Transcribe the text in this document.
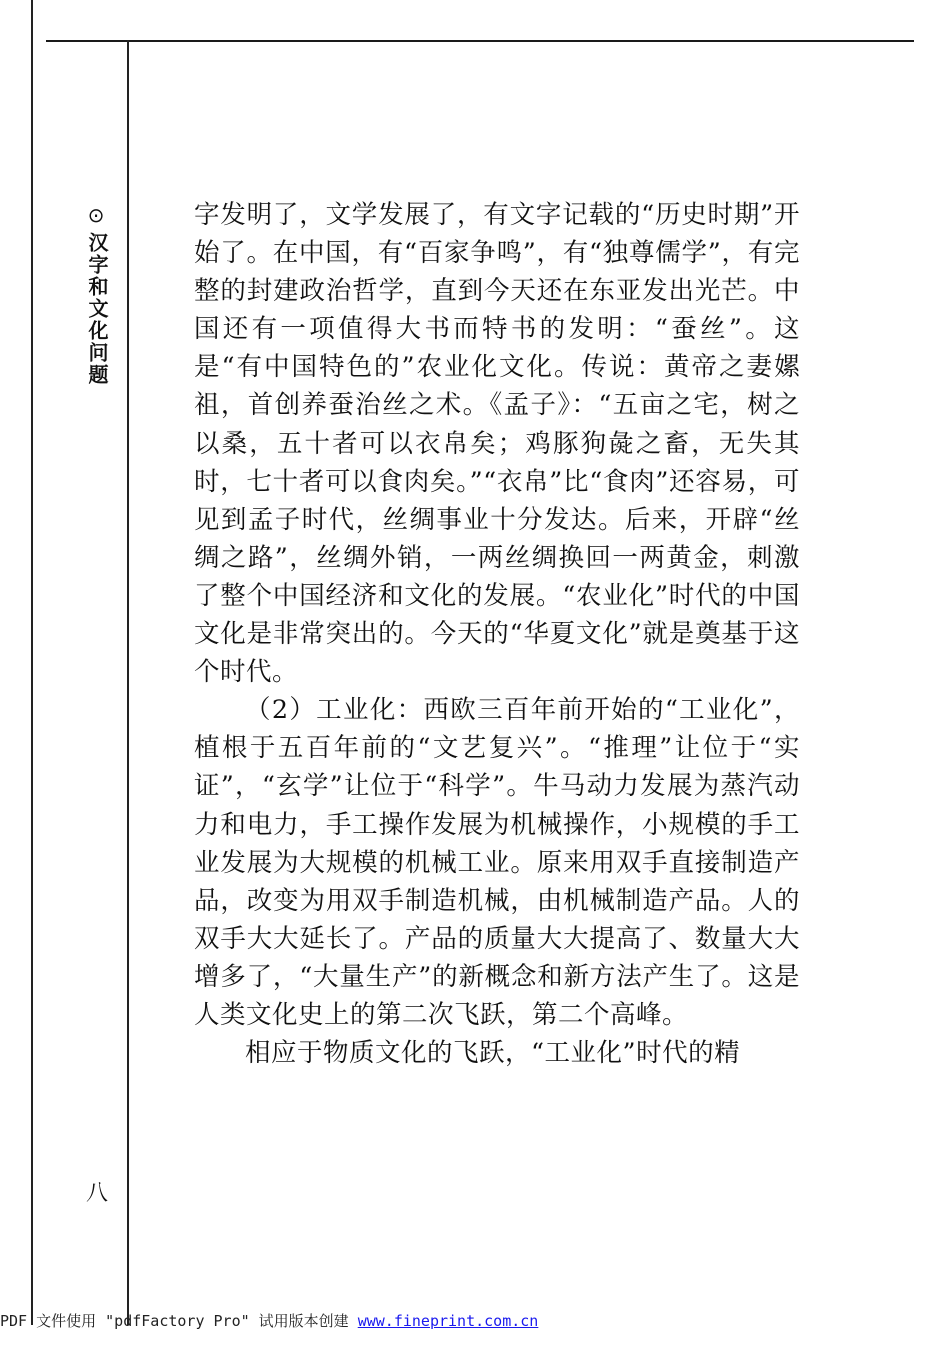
⊙
汉字和文化问题
八

字发明了，文学发展了，有文字记载的“历史时期”开始了。在中国，有“百家争鸣”，有“独尊儒学”，有完整的封建政治哲学，直到今天还在东亚发出光芒。中国还有一项值得大书而特书的发明：“蚕丝”。这是“有中国特色的”农业化文化。传说：黄帝之妻嫘祖，首创养蚕治丝之术。《孟子》：“五亩之宅，树之以桑，五十者可以衣帛矣；鸡豚狗彘之畜，无失其时，七十者可以食肉矣。”“衣帛”比“食肉”还容易，可见到孟子时代，丝绸事业十分发达。后来，开辟“丝绸之路”，丝绸外销，一两丝绸换回一两黄金，刺激了整个中国经济和文化的发展。“农业化”时代的中国文化是非常突出的。今天的“华夏文化”就是奠基于这个时代。

（2）工业化：西欧三百年前开始的“工业化”，植根于五百年前的“文艺复兴”。“推理”让位于“实证”，“玄学”让位于“科学”。牛马动力发展为蒸汽动力和电力，手工操作发展为机械操作，小规模的手工业发展为大规模的机械工业。原来用双手直接制造产品，改变为用双手制造机械，由机械制造产品。人的双手大大延长了。产品的质量大大提高了、数量大大增多了，“大量生产”的新概念和新方法产生了。这是人类文化史上的第二次飞跃，第二个高峰。

相应于物质文化的飞跃，“工业化”时代的精

PDF 文件使用 "pdfFactory Pro" 试用版本创建 www.fineprint.com.cn
